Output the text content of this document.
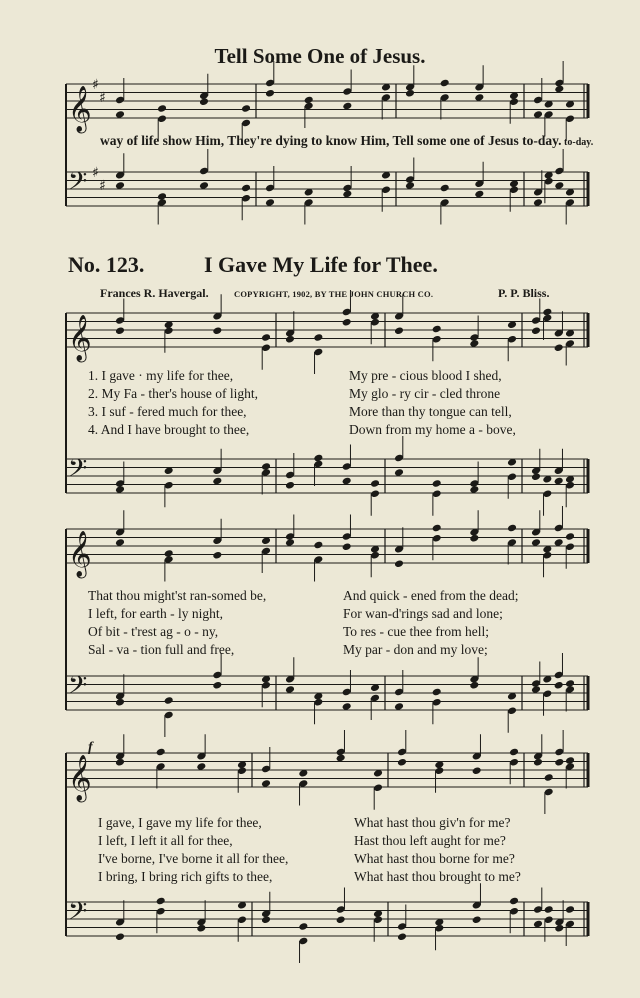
Tell Some One of Jesus.
way of life show Him, They're dying to know Him, Tell some one of Jesus to-day. to-day.
No. 123.	I Gave My Life for Thee.
Frances R. Havergal.	COPYRIGHT, 1902, BY THE JOHN CHURCH CO.	P. P. Bliss.
1. I gave · my life for thee,	My pre - cious blood I shed,
2. My Fa - ther's house of light,	My glo - ry cir - cled throne
3. I suf - fered much for thee,	More than thy tongue can tell,
4. And I have brought to thee,	Down from my home a - bove,
That thou might'st ran-somed be,	And quick - ened from the dead;
I left, for earth - ly night,	For wan-d'rings sad and lone;
Of bit - t'rest ag - o - ny,	To res - cue thee from hell;
Sal - va - tion full and free,	My par - don and my love;
f
I gave, I gave my life for thee,	What hast thou giv'n for me?
I left, I left it all for thee,	Hast thou left aught for me?
I've borne, I've borne it all for thee,	What hast thou borne for me?
I bring, I bring rich gifts to thee,	What hast thou brought to me?
𝄞
𝄢
♯
♯
♯
♯
𝄞
𝄢
𝄞
𝄢
𝄞
𝄢
